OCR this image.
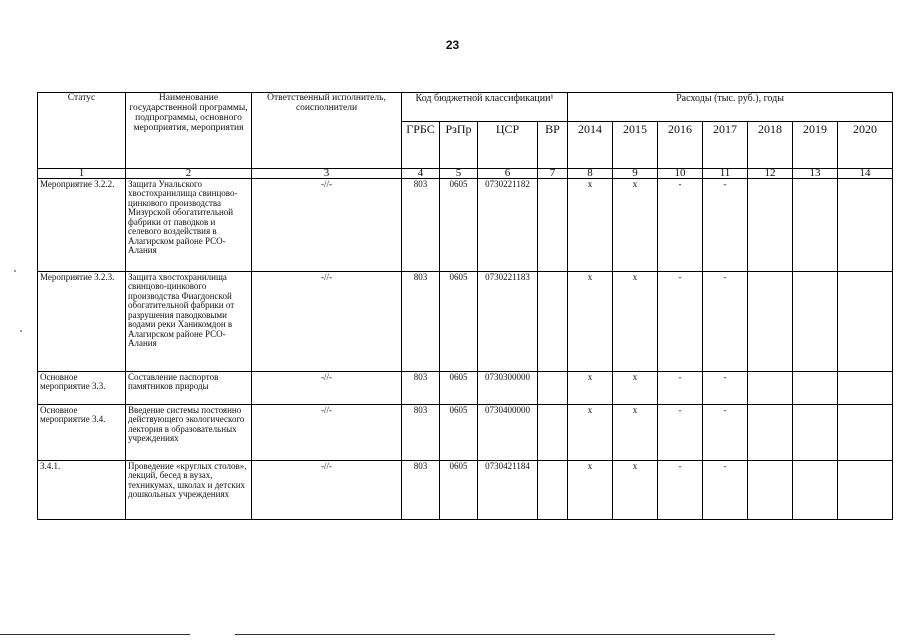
23
Статус	Наименование государственной программы, подпрограммы, основного мероприятия, мероприятия	Ответственный исполнитель, соисполнители	Код бюджетной классификации¹				Расходы (тыс. руб.), годы						
			ГРБС	РзПр	ЦСР	ВР	2014	2015	2016	2017	2018	2019	2020
1	2	3	4	5	6	7	8	9	10	11	12	13	14
Мероприятие 3.2.2.	Защита Унальского хвостохранилища свинцово-цинкового производства Мизурской обогатительной фабрики от паводков и селевого воздействия в Алагирском районе РСО-Алания	-//-	803	0605	0730221182		х	х	-	-			
Мероприятие 3.2.3.	Защита хвостохранилища свинцово-цинкового производства Фиагдонской обогатительной фабрики от разрушения паводковыми водами реки Ханикомдон в Алагирском районе РСО-Алания	-//-	803	0605	0730221183		х	х	-	-			
Основное мероприятие 3.3.	Составление паспортов памятников природы	-//-	803	0605	0730300000		х	х	-	-			
Основное мероприятие 3.4.	Введение системы постоянно действующего экологического лектория в образовательных учреждениях	-//-	803	0605	0730400000		х	х	-	-			
3.4.1.	Проведение «круглых столов», лекций, бесед в вузах, техникумах, школах и детских дошкольных учреждениях	-//-	803	0605	0730421184		х	х	-	-			
